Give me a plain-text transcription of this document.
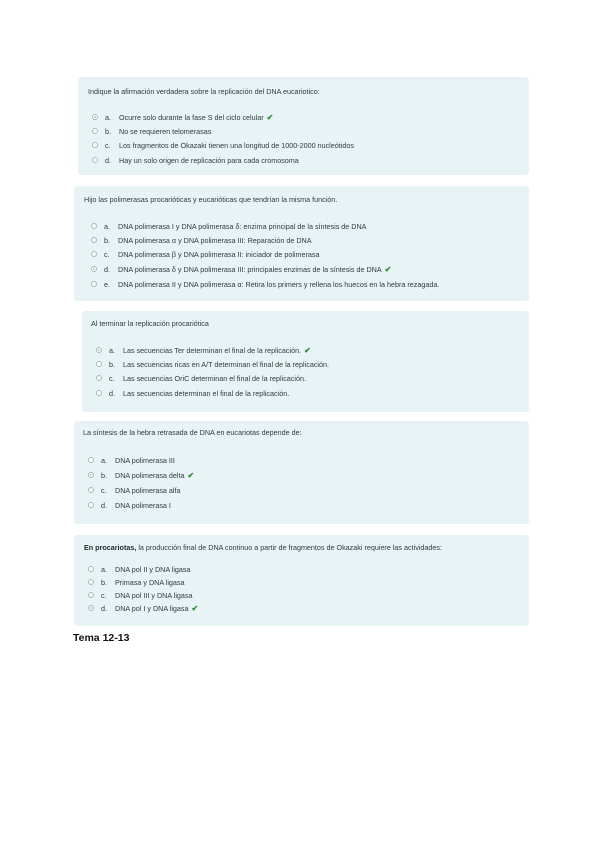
Indique la afirmación verdadera sobre la replicación del DNA eucariotico:
a.	Ocurre solo durante la fase S del ciclo celular ✔
b.	No se requieren telomerasas
c.	Los fragmentos de Okazaki tienen una longitud de 1000-2000 nucleótidos
d.	Hay un solo origen de replicación para cada cromosoma
Hijo las polimerasas procarióticas y eucarióticas que tendrían la misma función.
a.	DNA polimerasa I y DNA polimerasa δ: enzima principal de la síntesis de DNA
b.	DNA polimerasa α y DNA polimerasa III: Reparación de DNA
c.	DNA polimerasa β y DNA polimerasa II: iniciador de polimerasa
d.	DNA polimerasa δ y DNA polimerasa III: principales enzimas de la síntesis de DNA ✔
e.	DNA polimerasa II y DNA polimerasa α: Retira los primers y rellena los huecos en la hebra rezagada.
Al terminar la replicación procariótica
a.	Las secuencias Ter determinan el final de la replicación. ✔
b.	Las secuencias ricas en A/T determinan el final de la replicación.
c.	Las secuencias OriC determinan el final de la replicación.
d.	Las secuencias determinan el final de la replicación.
La síntesis de la hebra retrasada de DNA en eucariotas depende de:
a.	DNA polimerasa III
b.	DNA polimerasa delta ✔
c.	DNA polimerasa alfa
d.	DNA polimerasa I
En procariotas, la producción final de DNA continuo a partir de fragmentos de Okazaki requiere las actividades:
a.	DNA pol II y DNA ligasa
b.	Primasa y DNA ligasa
c.	DNA pol III y DNA ligasa
d.	DNA pol I y DNA ligasa ✔
Tema 12-13
